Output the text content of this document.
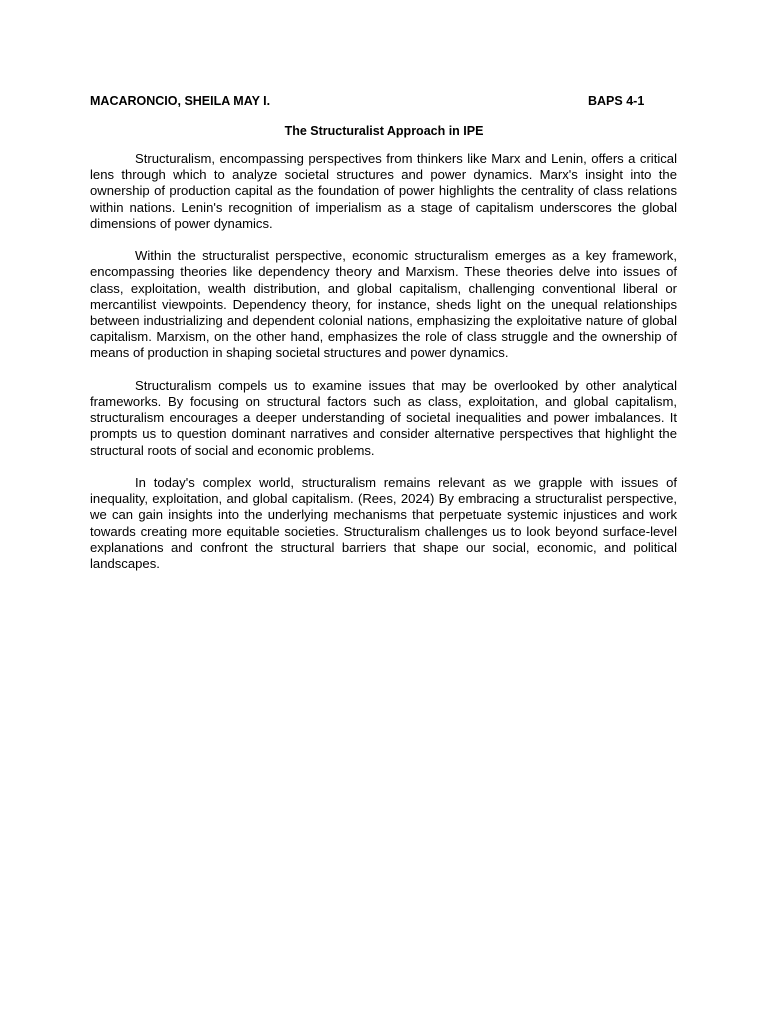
MACARONCIO, SHEILA MAY I.	BAPS 4-1
The Structuralist Approach in IPE

Structuralism, encompassing perspectives from thinkers like Marx and Lenin, offers a critical lens through which to analyze societal structures and power dynamics. Marx's insight into the ownership of production capital as the foundation of power highlights the centrality of class relations within nations. Lenin's recognition of imperialism as a stage of capitalism underscores the global dimensions of power dynamics.

Within the structuralist perspective, economic structuralism emerges as a key framework, encompassing theories like dependency theory and Marxism. These theories delve into issues of class, exploitation, wealth distribution, and global capitalism, challenging conventional liberal or mercantilist viewpoints. Dependency theory, for instance, sheds light on the unequal relationships between industrializing and dependent colonial nations, emphasizing the exploitative nature of global capitalism. Marxism, on the other hand, emphasizes the role of class struggle and the ownership of means of production in shaping societal structures and power dynamics.

Structuralism compels us to examine issues that may be overlooked by other analytical frameworks. By focusing on structural factors such as class, exploitation, and global capitalism, structuralism encourages a deeper understanding of societal inequalities and power imbalances. It prompts us to question dominant narratives and consider alternative perspectives that highlight the structural roots of social and economic problems.

In today's complex world, structuralism remains relevant as we grapple with issues of inequality, exploitation, and global capitalism. (Rees, 2024) By embracing a structuralist perspective, we can gain insights into the underlying mechanisms that perpetuate systemic injustices and work towards creating more equitable societies. Structuralism challenges us to look beyond surface-level explanations and confront the structural barriers that shape our social, economic, and political landscapes.
